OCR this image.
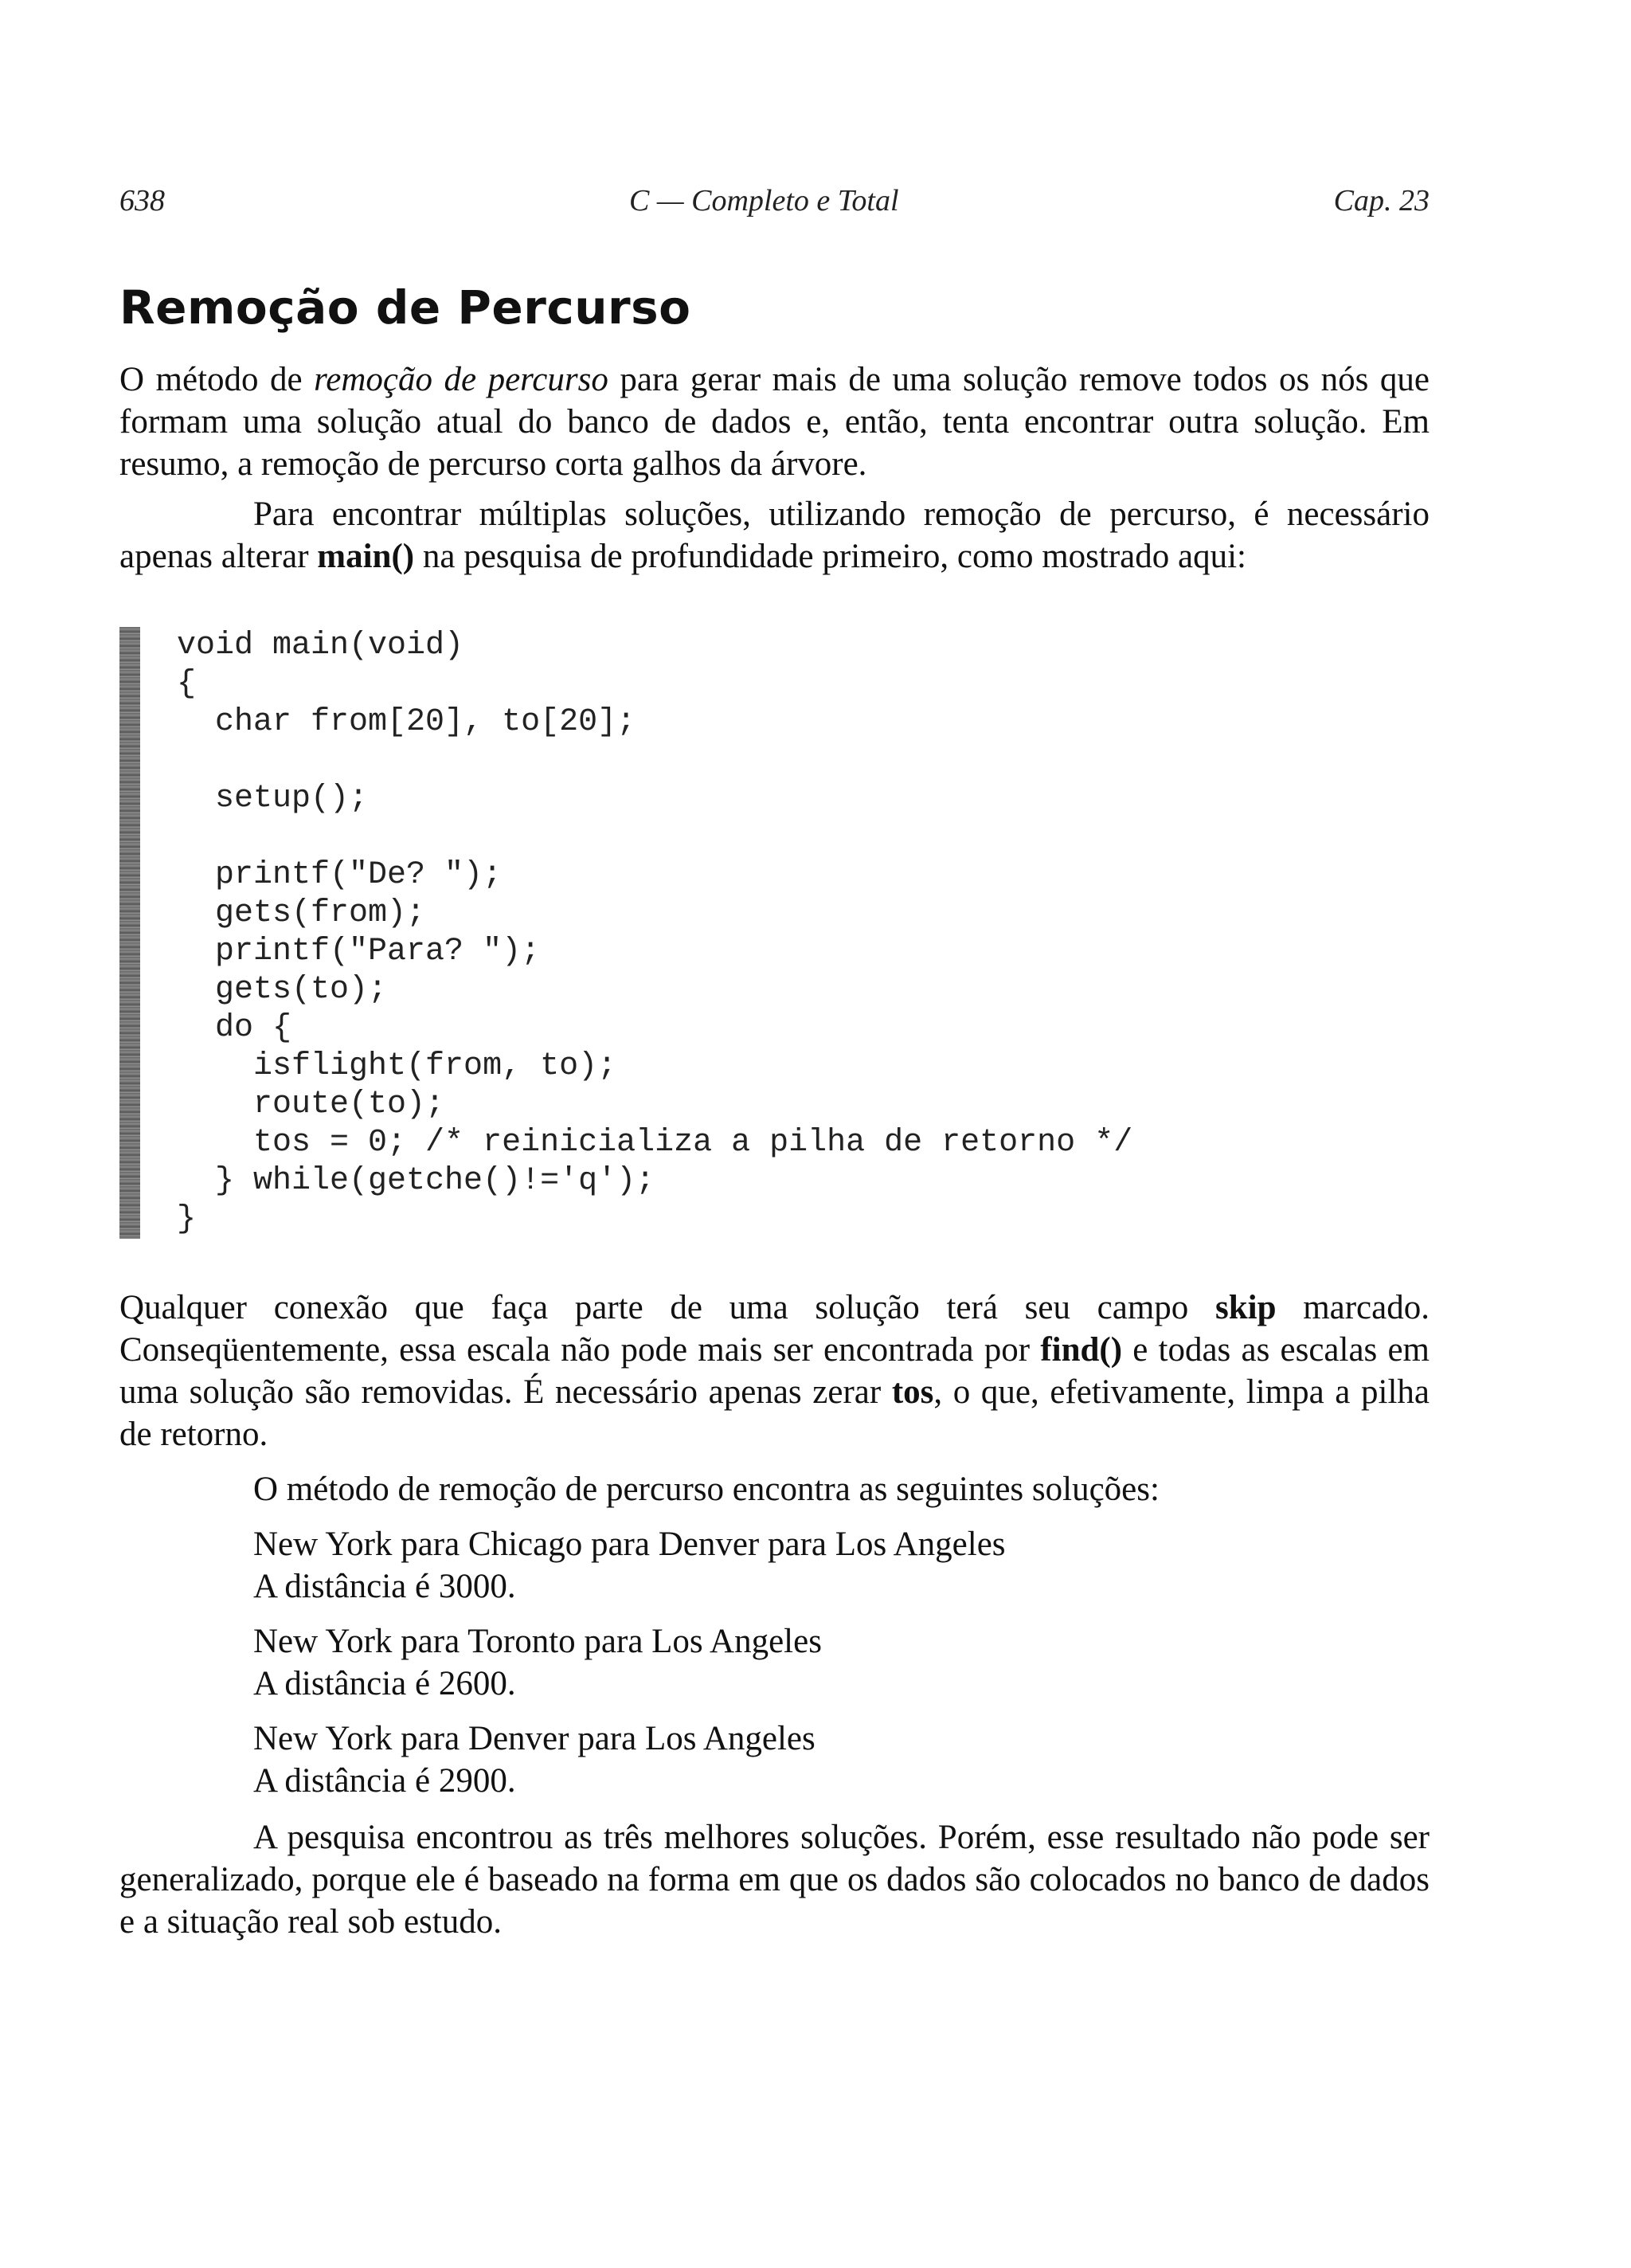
638	C — Completo e Total	Cap. 23
Remoção de Percurso

O método de remoção de percurso para gerar mais de uma solução remove todos os nós que formam uma solução atual do banco de dados e, então, tenta encontrar outra solução. Em resumo, a remoção de percurso corta galhos da árvore.

Para encontrar múltiplas soluções, utilizando remoção de percurso, é necessário apenas alterar main() na pesquisa de profundidade primeiro, como mostrado aqui:

void main(void)
{
char from[20], to[20];
setup();
printf("De? ");
gets(from);
printf("Para? ");
gets(to);
do {
isflight(from, to);
route(to);
tos = 0; /* reinicializa a pilha de retorno */
} while(getche()!='q');
}

Qualquer conexão que faça parte de uma solução terá seu campo skip marcado. Conseqüentemente, essa escala não pode mais ser encontrada por find() e todas as escalas em uma solução são removidas. É necessário apenas zerar tos, o que, efetivamente, limpa a pilha de retorno.

O método de remoção de percurso encontra as seguintes soluções:

New York para Chicago para Denver para Los Angeles
A distância é 3000.
New York para Toronto para Los Angeles
A distância é 2600.
New York para Denver para Los Angeles
A distância é 2900.

A pesquisa encontrou as três melhores soluções. Porém, esse resultado não pode ser generalizado, porque ele é baseado na forma em que os dados são colocados no banco de dados e a situação real sob estudo.
